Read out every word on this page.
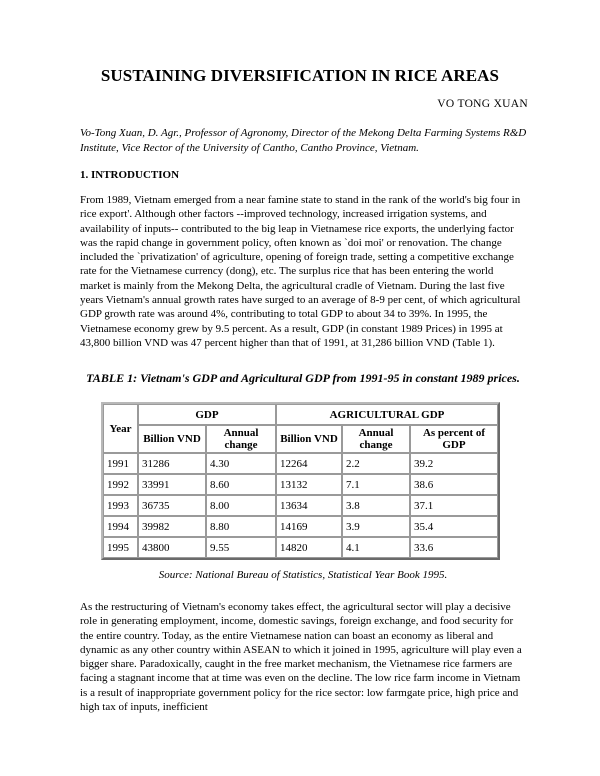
SUSTAINING DIVERSIFICATION IN RICE AREAS
VO TONG XUAN
Vo-Tong Xuan, D. Agr., Professor of Agronomy, Director of the Mekong Delta Farming Systems R&D Institute, Vice Rector of the University of Cantho, Cantho Province, Vietnam.
1. INTRODUCTION
From 1989, Vietnam emerged from a near famine state to stand in the rank of the world's big four in rice export'. Although other factors --improved technology, increased irrigation systems, and availability of inputs-- contributed to the big leap in Vietnamese rice exports, the underlying factor was the rapid change in government policy, often known as `doi moi' or renovation. The change included the `privatization' of agriculture, opening of foreign trade, setting a competitive exchange rate for the Vietnamese currency (dong), etc. The surplus rice that has been entering the world market is mainly from the Mekong Delta, the agricultural cradle of Vietnam. During the last five years Vietnam's annual growth rates have surged to an average of 8-9 per cent, of which agricultural GDP growth rate was around 4%, contributing to total GDP to about 34 to 39%. In 1995, the Vietnamese economy grew by 9.5 percent. As a result, GDP (in constant 1989 Prices) in 1995 at 43,800 billion VND was 47 percent higher than that of 1991, at 31,286 billion VND (Table 1).
TABLE 1: Vietnam's GDP and Agricultural GDP from 1991-95 in constant 1989 prices.
Year	GDP		AGRICULTURAL GDP		
	Billion VND	Annual change	Billion VND	Annual change	As percent of GDP
1991	31286	4.30	12264	2.2	39.2
1992	33991	8.60	13132	7.1	38.6
1993	36735	8.00	13634	3.8	37.1
1994	39982	8.80	14169	3.9	35.4
1995	43800	9.55	14820	4.1	33.6
Source: National Bureau of Statistics, Statistical Year Book 1995.
As the restructuring of Vietnam's economy takes effect, the agricultural sector will play a decisive role in generating employment, income, domestic savings, foreign exchange, and food security for the entire country. Today, as the entire Vietnamese nation can boast an economy as liberal and dynamic as any other country within ASEAN to which it joined in 1995, agriculture will play even a bigger share. Paradoxically, caught in the free market mechanism, the Vietnamese rice farmers are facing a stagnant income that at time was even on the decline. The low rice farm income in Vietnam is a result of inappropriate government policy for the rice sector: low farmgate price, high price and high tax of inputs, inefficient
